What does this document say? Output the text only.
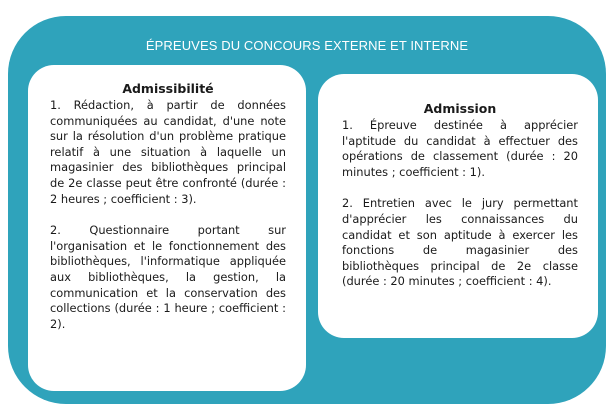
ÉPREUVES DU CONCOURS EXTERNE ET INTERNE
Admissibilité

1. Rédaction, à partir de données communiquées au candidat, d'une note sur la résolution d'un problème pratique relatif à une situation à laquelle un magasinier des bibliothèques principal de 2e classe peut être confronté (durée : 2 heures ; coefficient : 3).

2. Questionnaire portant sur l'organisation et le fonctionnement des bibliothèques, l'informatique appliquée aux bibliothèques, la gestion, la communication et la conservation des collections (durée : 1 heure ; coefficient : 2).

Admission

1. Épreuve destinée à apprécier l'aptitude du candidat à effectuer des opérations de classement (durée : 20 minutes ; coefficient : 1).

2. Entretien avec le jury permettant d'apprécier les connaissances du candidat et son aptitude à exercer les fonctions de magasinier des bibliothèques principal de 2e classe (durée : 20 minutes ; coefficient : 4).
